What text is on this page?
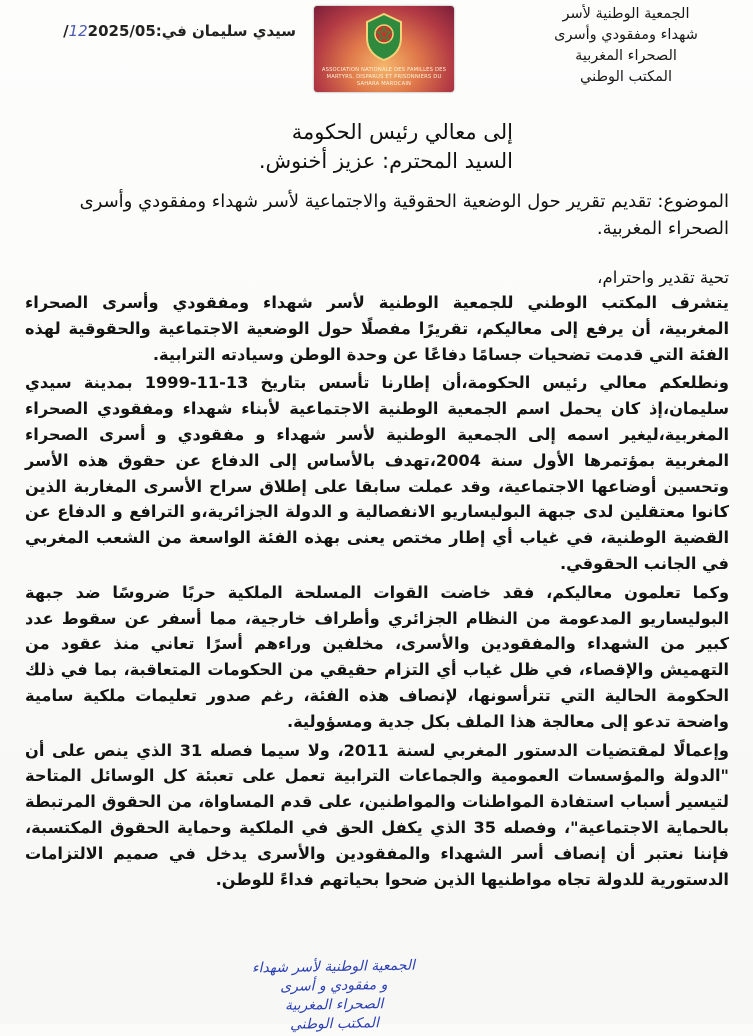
الجمعية الوطنية لأسر
شهداء ومفقودي وأسرى
الصحراء المغربية
المكتب الوطني
ASSOCIATION NATIONALE DES FAMILLES DES MARTYRS, DISPARUS ET PRISONNIERS DU SAHARA MAROCAIN
سيدي سليمان في:122025/05/
إلى معالي رئيس الحكومة
السيد المحترم: عزيز أخنوش.
الموضوع: تقديم تقرير حول الوضعية الحقوقية والاجتماعية لأسر شهداء ومفقودي وأسرى الصحراء المغربية.
تحية تقدير واحترام،

يتشرف المكتب الوطني للجمعية الوطنية لأسر شهداء ومفقودي وأسرى الصحراء المغربية، أن يرفع إلى معاليكم، تقريرًا مفصلًا حول الوضعية الاجتماعية والحقوقية لهذه الفئة التي قدمت تضحيات جسامًا دفاعًا عن وحدة الوطن وسيادته الترابية.

ونطلعكم معالي رئيس الحكومة،أن إطارنا تأسس بتاريخ 13-11-1999 بمدينة سيدي سليمان،إذ كان يحمل اسم الجمعية الوطنية الاجتماعية لأبناء شهداء ومفقودي الصحراء المغربية،ليغير اسمه إلى الجمعية الوطنية لأسر شهداء و مفقودي و أسرى الصحراء المغربية بمؤتمرها الأول سنة 2004،تهدف بالأساس إلى الدفاع عن حقوق هذه الأسر وتحسين أوضاعها الاجتماعية، وقد عملت سابقا على إطلاق سراح الأسرى المغاربة الذين كانوا معتقلين لدى جبهة البوليساريو الانفصالية و الدولة الجزائرية،و الترافع و الدفاع عن القضية الوطنية، في غياب أي إطار مختص يعنى بهذه الفئة الواسعة من الشعب المغربي في الجانب الحقوقي.

وكما تعلمون معاليكم، فقد خاضت القوات المسلحة الملكية حربًا ضروسًا ضد جبهة البوليساريو المدعومة من النظام الجزائري وأطراف خارجية، مما أسفر عن سقوط عدد كبير من الشهداء والمفقودين والأسرى، مخلفين وراءهم أسرًا تعاني منذ عقود من التهميش والإقصاء، في ظل غياب أي التزام حقيقي من الحكومات المتعاقبة، بما في ذلك الحكومة الحالية التي تترأسونها، لإنصاف هذه الفئة، رغم صدور تعليمات ملكية سامية واضحة تدعو إلى معالجة هذا الملف بكل جدية ومسؤولية.

وإعمالًا لمقتضيات الدستور المغربي لسنة 2011، ولا سيما فصله 31 الذي ينص على أن "الدولة والمؤسسات العمومية والجماعات الترابية تعمل على تعبئة كل الوسائل المتاحة لتيسير أسباب استفادة المواطنات والمواطنين، على قدم المساواة، من الحقوق المرتبطة بالحماية الاجتماعية"، وفصله 35 الذي يكفل الحق في الملكية وحماية الحقوق المكتسبة، فإننا نعتبر أن إنصاف أسر الشهداء والمفقودين والأسرى يدخل في صميم الالتزامات الدستورية للدولة تجاه مواطنيها الذين ضحوا بحياتهم فداءً للوطن.

الجمعية الوطنية لأسر شهداء
و مفقودي و أسرى
الصحراء المغربية
المكتب الوطني
